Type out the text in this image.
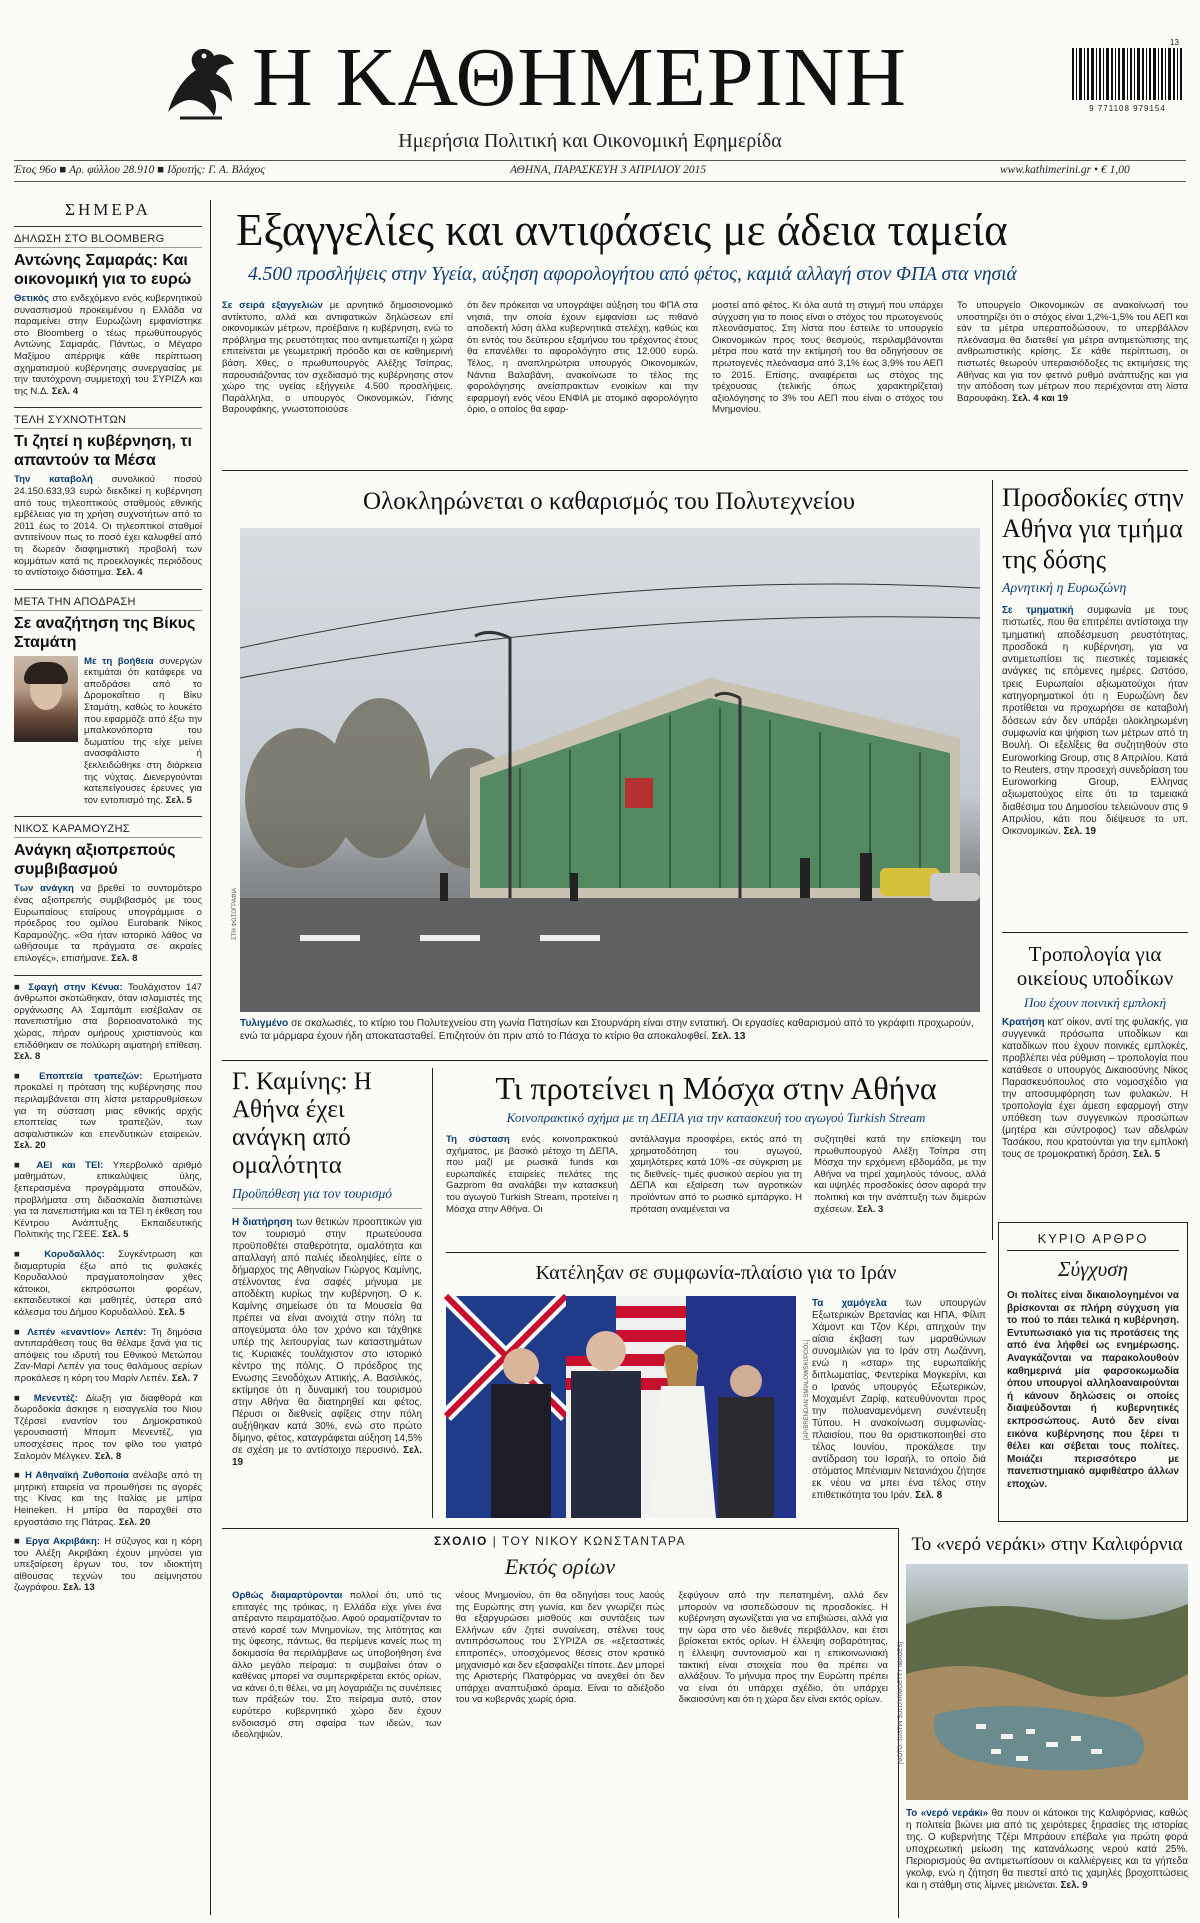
Η ΚΑΘΗΜΕΡΙΝΗ
Ημερήσια Πολιτική και Οικονομική Εφημερίδα
9 771108 979154
13
Έτος 96ο ■ Αρ. φύλλου 28.910 ■ Ιδρυτής: Γ. Α. Βλάχος	ΑΘΗΝΑ, ΠΑΡΑΣΚΕΥΗ 3 ΑΠΡΙΛΙΟΥ 2015	www.kathimerini.gr • € 1,00
ΣΗΜΕΡΑ
ΔΗΛΩΣΗ ΣΤΟ BLOOMBERG
Αντώνης Σαμαράς: Και οικονομική για το ευρώ
Θετικός στο ενδεχόμενο ενός κυβερνητικού συνασπισμού προκειμένου η Ελλάδα να παραμείνει στην Ευρωζώνη εμφανίστηκε στο Bloomberg ο τέως πρωθυπουργός Αντώνης Σαμαράς. Πάντως, ο Μέγαρο Μαξίμου απέρριψε κάθε περίπτωση σχηματισμού κυβέρνησης συνεργασίας με την ταυτόχρονη συμμετοχή του ΣΥΡΙΖΑ και της Ν.Δ. Σελ. 4
ΤΕΛΗ ΣΥΧΝΟΤΗΤΩΝ
Τι ζητεί η κυβέρνηση, τι απαντούν τα Μέσα
Την καταβολή συνολικού ποσού 24.150.633,93 ευρώ διεκδικεί η κυβέρνηση από τους τηλεοπτικούς σταθμούς εθνικής εμβέλειας για τη χρήση συχνοτήτων από το 2011 έως το 2014. Οι τηλεοπτικοί σταθμοί αντιτείνουν πως το ποσό έχει καλυφθεί από τη δωρεάν διαφημιστική προβολή των κομμάτων κατά τις προεκλογικές περιόδους το αντίστοιχο διάστημα. Σελ. 4
ΜΕΤΑ ΤΗΝ ΑΠΟΔΡΑΣΗ
Σε αναζήτηση της Βίκυς Σταμάτη
Με τη βοήθεια συνεργών εκτιμάται ότι κατάφερε να αποδράσει από το Δρομοκαΐτειο η Βίκυ Σταμάτη, καθώς το λουκέτο που εφαρμόζε από έξω την μπαλκονόπορτα του δωματίου της είχε μείνει ανασφάλιστο ή ξεκλειδώθηκε στη διάρκεια της νύχτας. Διενεργούνται κατεπείγουσες έρευνες για τον εντοπισμό της. Σελ. 5
ΝΙΚΟΣ ΚΑΡΑΜΟΥΖΗΣ
Ανάγκη αξιοπρεπούς συμβιβασμού
Των ανάγκη να βρεθεί το συντομότερο ένας αξιοπρεπής συμβιβασμός με τους Ευρωπαίους εταίρους υπογράμμισε ο πρόεδρος του ομίλου Eurobank Νίκος Καραμούζης. «Θα ήταν ιστορικό λάθος να ωθήσουμε τα πράγματα σε ακραίες επιλογές», επισήμανε. Σελ. 8
■ Σφαγή στην Κένυα: Τουλάχιστον 147 άνθρωποι σκοτώθηκαν, όταν ισλαμιστές της οργάνωσης Αλ Σαμπάμπ εισέβαλαν σε πανεπιστήμιο στα βορειοανατολικά της χώρας, πήραν ομήρους χριστιανούς και επιδόθηκαν σε πολύωρη αιματηρή επίθεση. Σελ. 8
■ Εποπτεία τραπεζών: Ερωτήματα προκαλεί η πρόταση της κυβέρνησης που περιλαμβάνεται στη λίστα μεταρρυθμίσεων για τη σύσταση μιας εθνικής αρχής εποπτείας των τραπεζών, των ασφαλιστικών και επενδυτικών εταιρειών. Σελ. 20
■ ΑΕΙ και ΤΕΙ: Υπερβολικό αριθμό μαθημάτων, επικαλύψεις ύλης, ξεπερασμένα προγράμματα σπουδών, προβλήματα στη διδασκαλία διαπιστώνει για τα πανεπιστήμια και τα ΤΕΙ η έκθεση του Κέντρου Ανάπτυξης Εκπαιδευτικής Πολιτικής της ΓΣΕΕ. Σελ. 5
■ Κορυδαλλός: Συγκέντρωση και διαμαρτυρία έξω από τις φυλακές Κορυδαλλού πραγματοποίησαν χθες κάτοικοι, εκπρόσωποι φορέων, εκπαιδευτικοί και μαθητές, ύστερα από κάλεσμα του Δήμου Κορυδαλλού. Σελ. 5
■ Λεπέν «εναντίον» Λεπέν: Τη δημόσια αντιπαράθεση τους θα θέλαμε ξανά για τις απόψεις του ιδρυτή του Εθνικού Μετώπου Ζαν-Μαρί Λεπέν για τους θαλάμους αερίων προκάλεσε η κόρη του Μαρίν Λεπέν. Σελ. 7
■ Μενεντέζ: Δίωξη για διαφθορά και δωροδοκία άσκησε η εισαγγελία του Νιου Τζέρσεϊ εναντίον του Δημοκρατικού γερουσιαστή Μπομπ Μενεντέζ, για υποσχέσεις προς τον φίλο του γιατρό Σαλομόν Μέλγκεν. Σελ. 8
■ Η Αθηναϊκή Ζυθοποιία ανέλαβε από τη μητρική εταιρεία να προωθήσει τις αγορές της Κίνας και της Ιταλίας με μπίρα Heineken. Η μπίρα θα παραχθεί στο εργοστάσιο της Πάτρας. Σελ. 20
■ Εργα Ακριβάκη: Η σύζυγος και η κόρη του Αλέξη Ακριβάκη έχουν μηνύσει για υπεξαίρεση έργων του, τον ιδιοκτήτη αίθουσας τεχνών του αείμνηστου ζωγράφου. Σελ. 13
Εξαγγελίες και αντιφάσεις με άδεια ταμεία
4.500 προσλήψεις στην Υγεία, αύξηση αφορολογήτου από φέτος, καμιά αλλαγή στον ΦΠΑ στα νησιά
Σε σειρά εξαγγελιών με αρνητικό δημοσιονομικό αντίκτυπο, αλλά και αντιφατικών δηλώσεων επί οικονομικών μέτρων, προέβαινε η κυβέρνηση, ενώ το πρόβλημα της ρευστότητας που αντιμετωπίζει η χώρα επιτείνεται με γεωμετρική πρόοδο και σε καθημερινή βάση. Χθες, ο πρωθυπουργός Αλέξης Τσίπρας, παρουσιάζοντας τον σχεδιασμό της κυβέρνησης στον χώρο της υγείας εξήγγειλε 4.500 προσλήψεις. Παράλληλα, ο υπουργός Οικονομικών, Γιάνης Βαρουφάκης, γνωστοποιούσε
ότι δεν πρόκειται να υπογράψει αύξηση του ΦΠΑ στα νησιά, την οποία έχουν εμφανίσει ως πιθανό αποδεκτή λύση άλλα κυβερνητικά στελέχη, καθώς και ότι εντός του δεύτερου εξαμήνου του τρέχοντος έτους θα επανέλθει το αφορολόγητο στις 12.000 ευρώ. Τέλος, η αναπληρώτρια υπουργός Οικονομικών, Νάντια Βαλαβάνη, ανακοίνωσε το τέλος της φορολόγησης ανείσπρακτων ενοικίων και την εφαρμογή ενός νέου ΕΝΦΙΑ με ατομικό αφορολόγητο όριο, ο οποίος θα εφαρ-
μοστεί από φέτος. Κι όλα αυτά τη στιγμή που υπάρχει σύγχυση για το ποιος είναι ο στόχος του πρωτογενούς πλεονάσματος. Στη λίστα που έστειλε το υπουργείο Οικονομικών προς τους θεσμούς, περιλαμβάνονται μέτρα που κατά την εκτίμησή του θα οδηγήσουν σε πρωτογενές πλεόνασμα από 3,1% έως 3,9% του ΑΕΠ το 2015. Επίσης, αναφέρεται ως στόχος της τρέχουσας (τελικής όπως χαρακτηρίζεται) αξιολόγησης το 3% του ΑΕΠ που είναι ο στόχος του Μνημονίου.
Το υπουργείο Οικονομικών σε ανακοίνωσή του υποστηρίζει ότι ο στόχος είναι 1,2%-1,5% του ΑΕΠ και εάν τα μέτρα υπεραποδώσουν, το υπερβάλλον πλεόνασμα θα διατεθεί για μέτρα αντιμετώπισης της ανθρωπιστικής κρίσης. Σε κάθε περίπτωση, οι πιστωτές θεωρούν υπεραισιόδοξες τις εκτιμήσεις της Αθήνας και για τον φετινό ρυθμό ανάπτυξης και για την απόδοση των μέτρων που περιέχονται στη λίστα Βαρουφάκη. Σελ. 4 και 19
Ολοκληρώνεται ο καθαρισμός του Πολυτεχνείου
Τυλιγμένο σε σκαλωσιές, το κτίριο του Πολυτεχνείου στη γωνία Πατησίων και Στουρνάρη είναι στην εντατική. Οι εργασίες καθαρισμού από το γκράφιτι προχωρούν, ενώ τα μάρμαρα έχουν ήδη αποκατασταθεί. Επιζητούν ότι πριν από το Πάσχα το κτίριο θα αποκαλυφθεί. Σελ. 13
ΣΤΗ ΦΩΤΟΓΡΑΦΙΑ
Προσδοκίες στην Αθήνα για τμήμα της δόσης
Αρνητική η Ευρωζώνη
Σε τμηματική συμφωνία με τους πιστωτές, που θα επιτρέπει αντίστοιχα την τμηματική αποδέσμευση ρευστότητας, προσδοκά η κυβέρνηση, για να αντιμετωπίσει τις πιεστικές ταμειακές ανάγκες τις επόμενες ημέρες. Ωστόσο, τρεις Ευρωπαίοι αξιωματούχοι ήταν κατηγορηματικοί ότι η Ευρωζώνη δεν προτίθεται να προχωρήσει σε καταβολή δόσεων εάν δεν υπάρξει ολοκληρωμένη συμφωνία και ψήφιση των μέτρων από τη Βουλή. Οι εξελίξεις θα συζητηθούν στο Euroworking Group, στις 8 Απριλίου. Κατά το Reuters, στην προσεχή συνεδρίαση του Euroworking Group, Ελληνας αξιωματούχος είπε ότι τα ταμειακά διαθέσιμα του Δημοσίου τελειώνουν στις 9 Απριλίου, κάτι που διέψευσε το υπ. Οικονομικών. Σελ. 19
Τροπολογία για οικείους υποδίκων
Που έχουν ποινική εμπλοκή
Κρατήση κατ' οίκον, αντί της φυλακής, για συγγενικά πρόσωπα υποδίκων και καταδίκων που έχουν ποινικές εμπλοκές, προβλέπει νέα ρύθμιση – τροπολογία που κατάθεσε ο υπουργός Δικαιοσύνης Νίκος Παρασκευόπουλος στο νομοσχέδιο για την αποσυμφόρηση των φυλακών. Η τροπολογία έχει άμεση εφαρμογή στην υπόθεση των συγγενικών προσώπων (μητέρα και σύντροφος) των αδελφών Τασάκου, που κρατούνται για την εμπλοκή τους σε τρομοκρατική δράση. Σελ. 5
Γ. Καμίνης: Η Αθήνα έχει ανάγκη από ομαλότητα
Προϋπόθεση για τον τουρισμό
Η διατήρηση των θετικών προοπτικών για τον τουρισμό στην πρωτεύουσα προϋποθέτει σταθερότητα, ομαλότητα και απαλλαγή από παλιές ιδεοληψίες, είπε ο δήμαρχος της Αθηναίων Γιώργος Καμίνης, στέλνοντας ένα σαφές μήνυμα με αποδέκτη κυρίως την κυβέρνηση. Ο κ. Καμίνης σημείωσε ότι τα Μουσεία θα πρέπει να είναι ανοιχτά στην πόλη τα απογεύματα όλο τον χρόνο και τάχθηκε υπέρ της λειτουργίας των καταστημάτων τις Κυριακές τουλάχιστον στο ιστορικό κέντρο της πόλης. Ο πρόεδρος της Ενωσης Ξενοδόχων Αττικής, Α. Βασιλικός, εκτίμησε ότι η δυναμική του τουρισμού στην Αθήνα θα διατηρηθεί και φέτος. Πέρυσι οι διεθνείς αφίξεις στην πόλη αυξήθηκαν κατά 30%, ενώ στο πρώτο δίμηνο, φέτος, καταγράφεται αύξηση 14,5% σε σχέση με το αντίστοιχο περυσινό. Σελ. 19
Τι προτείνει η Μόσχα στην Αθήνα
Κοινοπρακτικό σχήμα με τη ΔΕΠΑ για την κατασκευή του αγωγού Turkish Stream
Τη σύσταση ενός κοινοπρακτικού σχήματος, με βασικό μέτοχο τη ΔΕΠΑ, που μαζί με ρωσικά funds και ευρωπαϊκές εταιρείες πελάτες της Gazprom θα αναλάβει την κατασκευή του αγωγού Turkish Stream, προτείνει η Μόσχα στην Αθήνα. Οι
αντάλλαγμα προσφέρει, εκτός από τη χρηματοδότηση του αγωγού, χαμηλότερες κατά 10% -σε σύγκριση με τις διεθνείς- τιμές φυσικού αερίου για τη ΔΕΠΑ και εξαίρεση των αγροτικών προϊόντων από το ρωσικό εμπάργκο. Η πρόταση αναμένεται να
συζητηθεί κατά την επίσκεψη του πρωθυπουργού Αλέξη Τσίπρα στη Μόσχα την ερχόμενη εβδομάδα, με την Αθήνα να τηρεί χαμηλούς τόνους, αλλά και υψηλές προσδοκίες όσον αφορά την πολιτική και την ανάπτυξη των διμερών σχέσεων. Σελ. 3
Κατέληξαν σε συμφωνία-πλαίσιο για το Ιράν
[AP/BRENDAN SMIALOWSKI/POOL]
Τα χαμόγελα των υπουργών Εξωτερικών Βρετανίας και ΗΠΑ, Φίλιπ Χάμοντ και Τζον Κέρι, απηχούν την αίσια έκβαση των μαραθώνιων συνομιλιών για το Ιράν στη Λωζάννη, ενώ η «σταρ» της ευρωπαϊκής διπλωματίας, Φεντερίκα Μογκερίνι, και ο Ιρανός υπουργός Εξωτερικών, Μοχαμέντ Ζαρίφ, κατευθύνονται προς την πολυαναμενόμενη συνέντευξη Τύπου. Η ανακοίνωση συμφωνίας-πλαισίου, που θα οριστικοποιηθεί στο τέλος Ιουνίου, προκάλεσε την αντίδραση του Ισραήλ, το οποίο διά στόματος Μπένιαμιν Νετανιάχου ζήτησε εκ νέου να μπει ένα τέλος στην επιθετικότητα του Ιράν. Σελ. 8
ΚΥΡΙΟ ΑΡΘΡΟ
Σύγχυση
Οι πολίτες είναι δικαιολογημένοι να βρίσκονται σε πλήρη σύγχυση για το πού το πάει τελικά η κυβέρνηση. Εντυπωσιακό για τις προτάσεις της από ένα λήφθεί ως ενημέρωσης. Αναγκάζονται να παρακολουθούν καθημερινά μία φαρσοκωμωδία όπου υπουργοί αλληλοαναιρούνται ή κάνουν δηλώσεις οι οποίες διαψεύδονται ή κυβερνητικές εκπροσώπους. Αυτό δεν είναι εικόνα κυβέρνησης που ξέρει τι θέλει και σέβεται τους πολίτες. Μοιάζει περισσότερο με πανεπιστημιακό αμφιθέατρο άλλων εποχών.
ΣΧΟΛΙΟ | ΤΟΥ ΝΙΚΟΥ ΚΩΝΣΤΑΝΤΑΡΑ
Εκτός ορίων
Ορθώς διαμαρτύρονται πολλοί ότι, υπό τις επιταγές της τρόικας, η Ελλάδα είχε γίνει ένα απέραντο πειραματόζωο. Αφού οραματίζονταν το στενό κορσέ των Μνημονίων, της λιτότητας και της ύφεσης, πάντως, θα περίμενε κανείς πως τη δοκιμασία θα περιλάμβανε ως υποβοήθηση ένα άλλο μεγάλο πείραμα: τι συμβαίνει όταν ο καθένας μπορεί να συμπεριφέρεται εκτός ορίων, να κάνει ό,τι θέλει, να μη λογαριάζει τις συνέπειες των πράξεών του. Στο πείραμα αυτό, στον ευρύτερο κυβερνητικό χώρο δεν έχουν ενδοιασμό στη σφαίρα των ιδεών, των ιδεοληψιών.
νέους Μνημονίου, ότι θα οδηγήσει τους λαούς της Ευρώπης στη γωνία, και δεν γνωρίζει πώς θα εξαργυρώσει μισθούς και συντάξεις των Ελλήνων εάν ζητεί συναίνεση, στέλνει τους αντιπρόσωπους του ΣΥΡΙΖΑ σε «εξεταστικές επιτροπές», υποσχόμενος θέσεις στον κρατικό μηχανισμό και δεν εξασφαλίζει τίποτε. Δεν μπορεί της Αριστερής Πλατφόρμας να ανεχθεί ότι δεν υπάρχει αναπτυξιακό όραμα. Είναι το αδιέξοδο του να κυβερνάς χωρίς όρια.
ξεφύγουν από την πεπατημένη, αλλά δεν μπορούν να ισοπεδώσουν τις προσδοκίες. Η κυβέρνηση αγωνίζεται για να επιβιώσει, αλλά για την ώρα στο νέο διεθνές περιβάλλον, και έτσι βρίσκεται εκτός ορίων. Η έλλειψη σοβαρότητας, η έλλειψη συντονισμού και η επικοινωνιακή τακτική είναι στοιχεία που θα πρέπει να αλλάξουν. Το μήνυμα προς την Ευρώπη πρέπει να είναι ότι υπάρχει σχέδιο, ότι υπάρχει δικαιοσύνη και ότι η χώρα δεν είναι εκτός ορίων.
Το «νερό νεράκι» στην Καλιφόρνια
[ΦΩΤΟ: JUSTIN SULLIVAN/GETTY IMAGES]
Το «νερό νεράκι» θα πουν οι κάτοικοι της Καλιφόρνιας, καθώς η πολιτεία βιώνει μια από τις χειρότερες ξηρασίες της ιστορίας της. Ο κυβερνήτης Τζέρι Μπράουν επέβαλε για πρώτη φορά υποχρεωτική μείωση της κατανάλωσης νερού κατά 25%. Περιορισμούς θα αντιμετωπίσουν οι καλλιέργειες και τα γήπεδα γκολφ, ενώ η ζήτηση θα πιεστεί από τις χαμηλές βροχοπτώσεις και η στάθμη στις λίμνες μειώνεται. Σελ. 9
